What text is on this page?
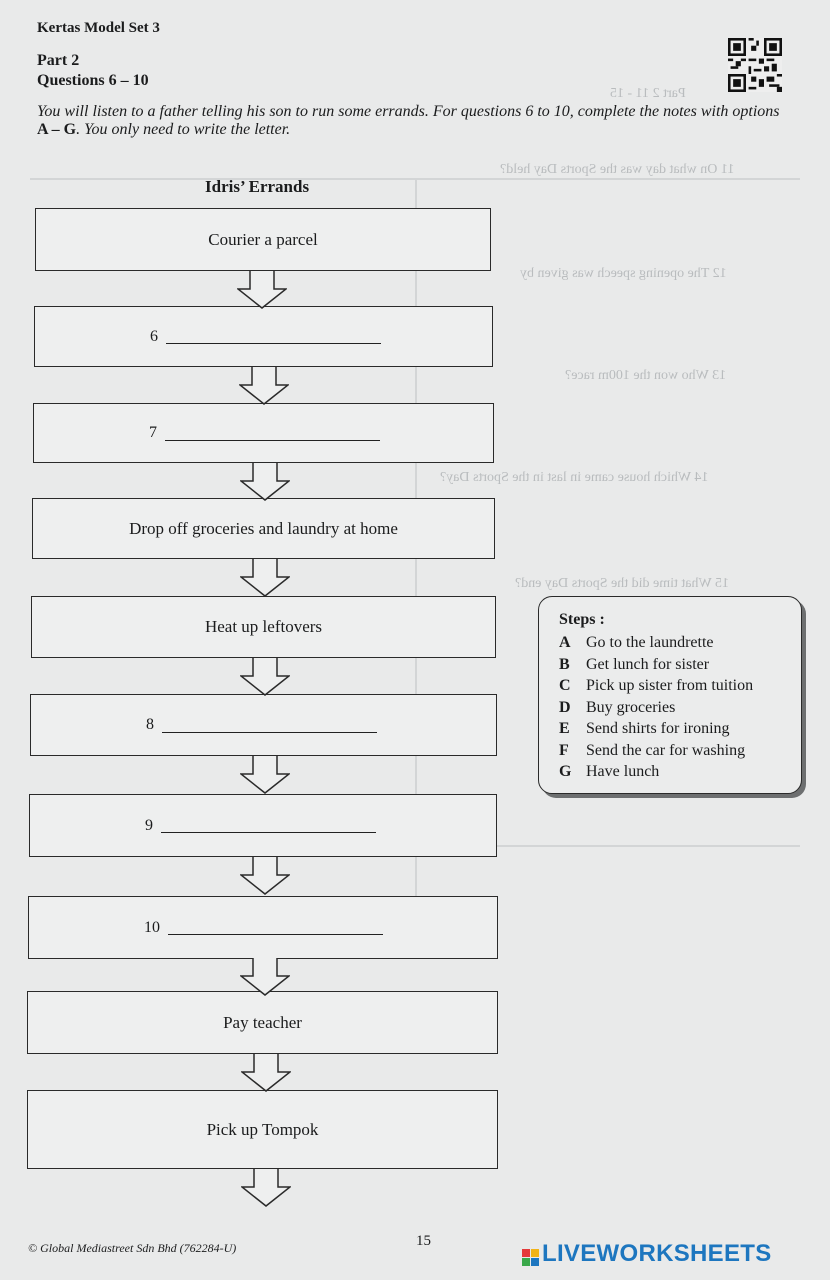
Part 2 11 - 15
11 On what day was the Sports Day held?
12 The opening speech was given by
13 Who won the 100m race?
14 Which house came in last in the Sports Day?
15 What time did the Sports Day end?
Kertas Model Set 3
Part 2
Questions 6 – 10
You will listen to a father telling his son to run some errands. For questions 6 to 10, complete the notes with options A – G. You only need to write the letter.
Idris’ Errands
Courier a parcel
6
7
Drop off groceries and laundry at home
Heat up leftovers
8
9
10
Pay teacher
Pick up Tompok
Steps :
A Go to the laundrette
B Get lunch for sister
C Pick up sister from tuition
D Buy groceries
E Send shirts for ironing
F Send the car for washing
G Have lunch
© Global Mediastreet Sdn Bhd (762284-U)	15	LIVEWORKSHEETS
